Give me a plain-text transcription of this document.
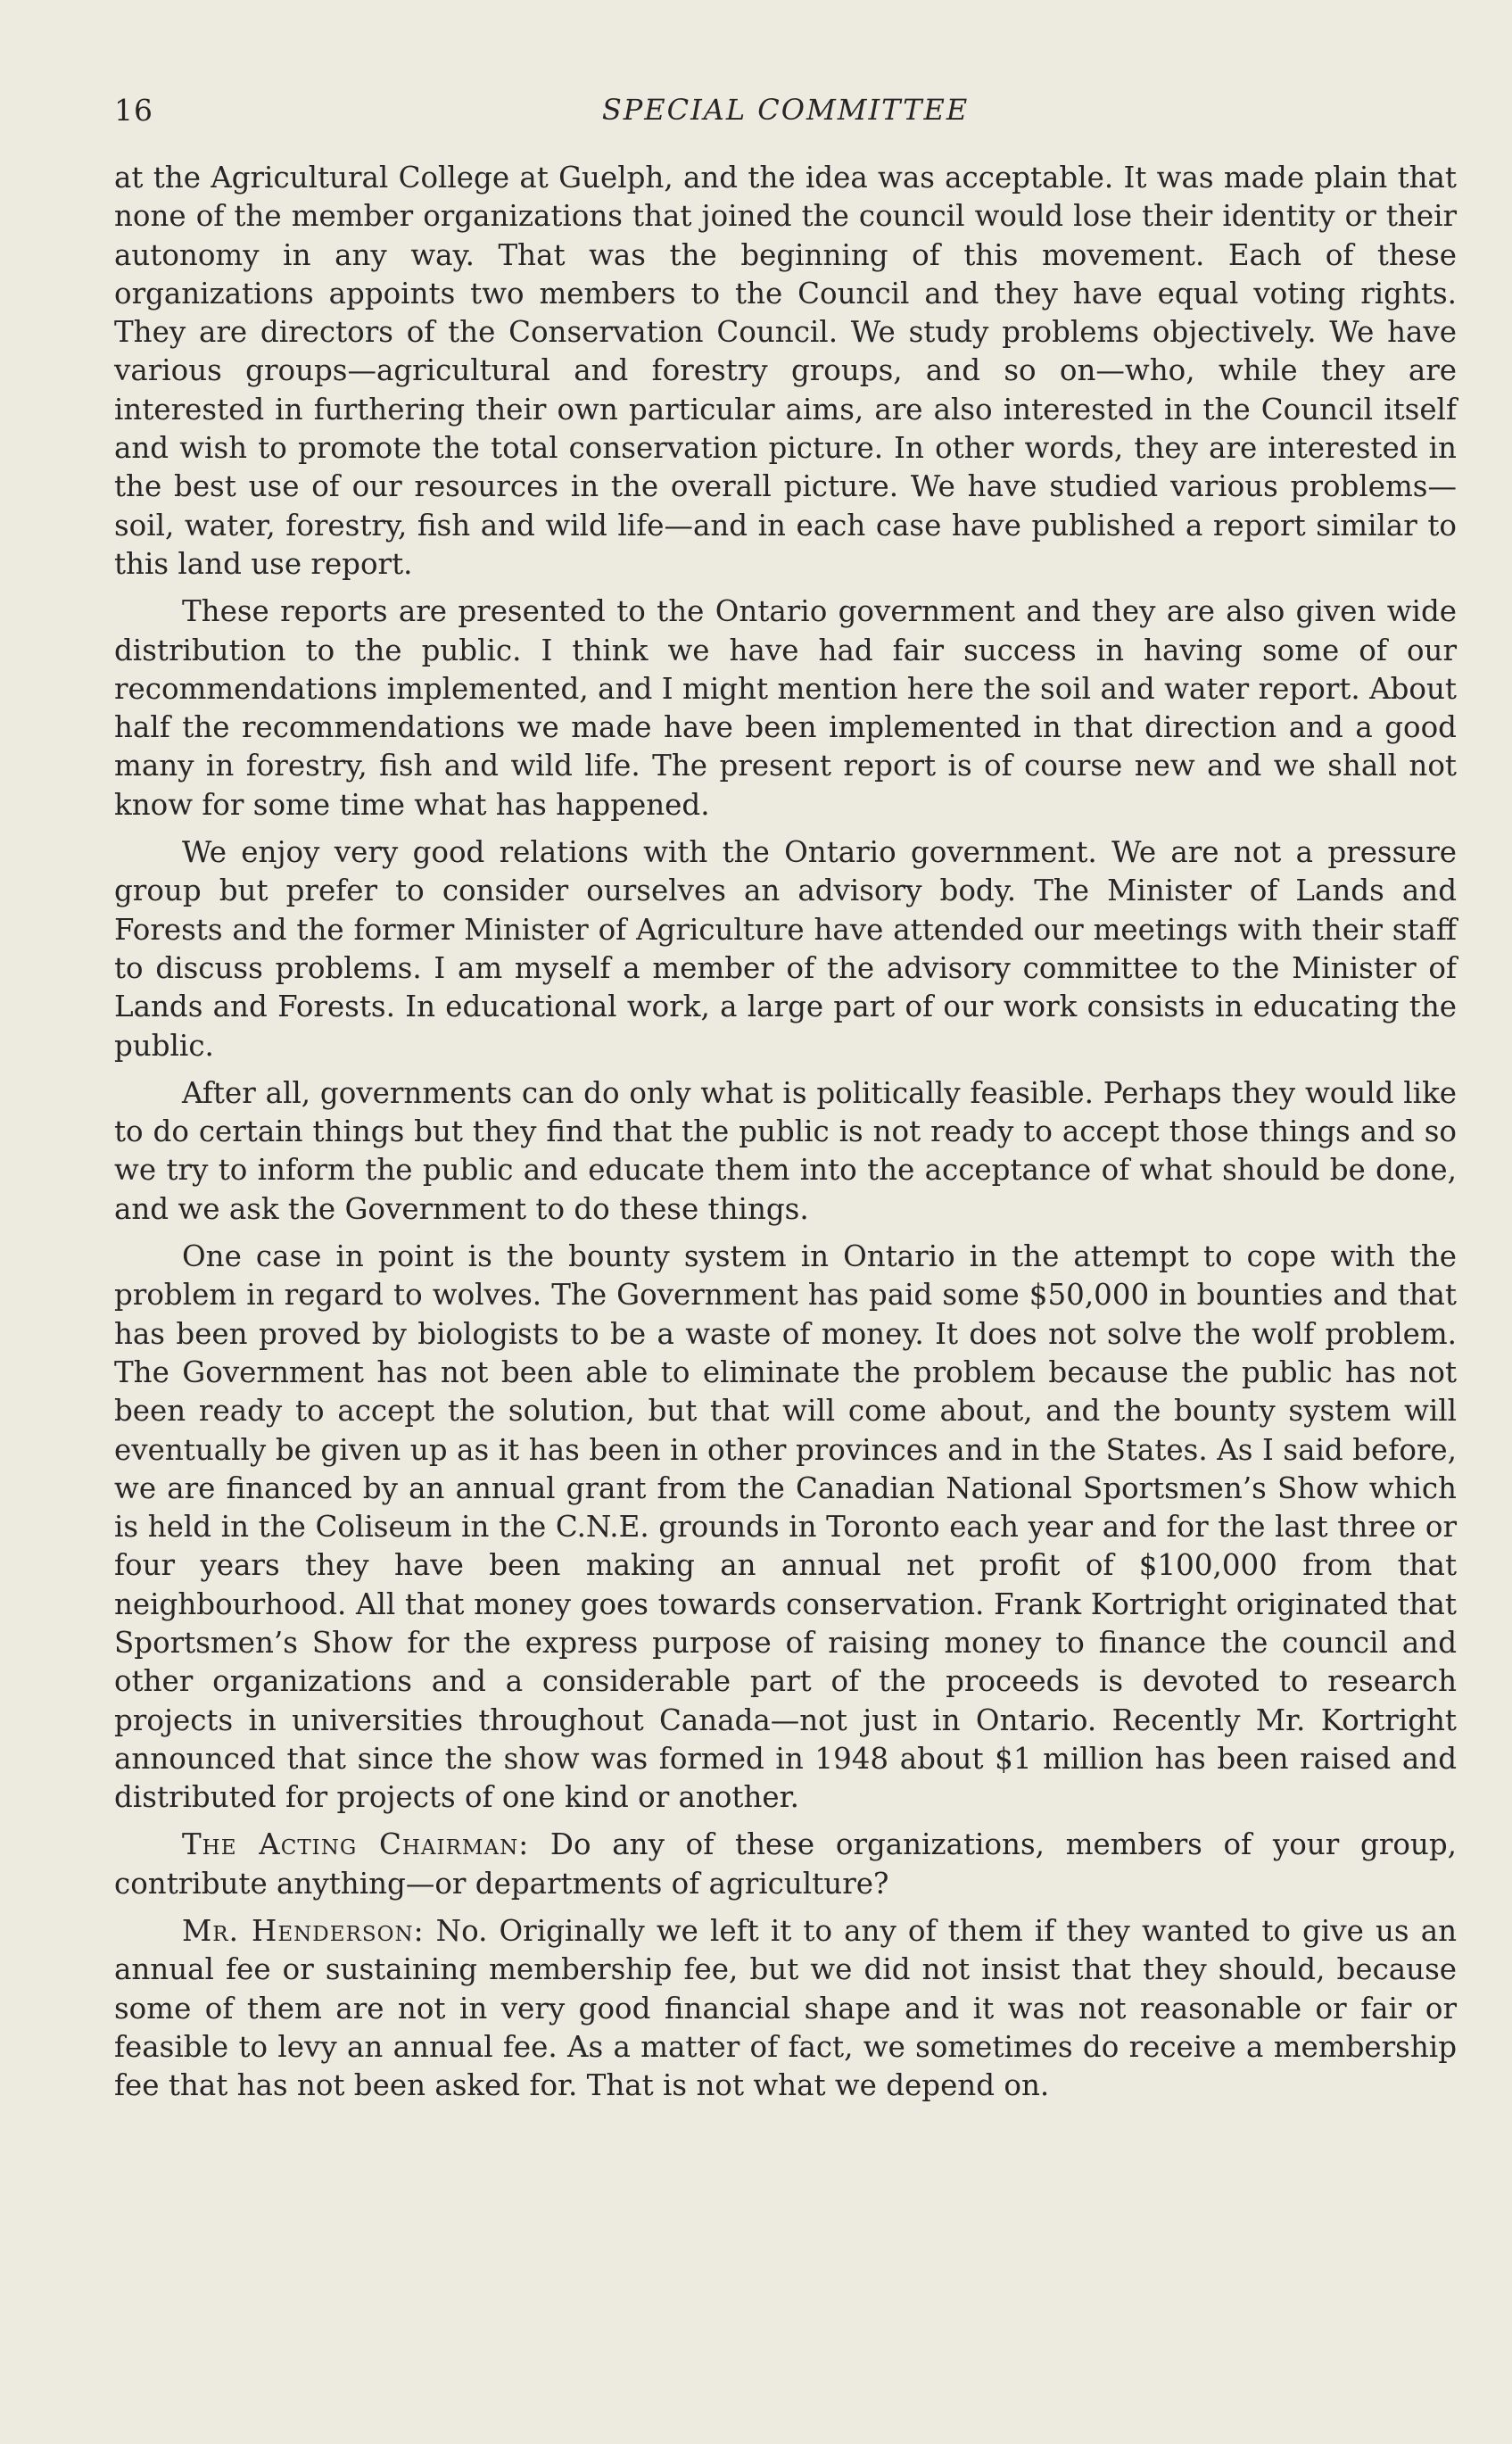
16	SPECIAL COMMITTEE

at the Agricultural College at Guelph, and the idea was acceptable. It was made plain that none of the member organizations that joined the council would lose their identity or their autonomy in any way. That was the beginning of this movement. Each of these organizations appoints two members to the Council and they have equal voting rights. They are directors of the Conservation Council. We study problems objectively. We have various groups—agricultural and forestry groups, and so on—who, while they are interested in furthering their own particular aims, are also interested in the Council itself and wish to promote the total conservation picture. In other words, they are interested in the best use of our resources in the overall picture. We have studied various problems—soil, water, forestry, fish and wild life—and in each case have published a report similar to this land use report.

These reports are presented to the Ontario government and they are also given wide distribution to the public. I think we have had fair success in having some of our recommendations implemented, and I might mention here the soil and water report. About half the recommendations we made have been implemented in that direction and a good many in forestry, fish and wild life. The present report is of course new and we shall not know for some time what has happened.

We enjoy very good relations with the Ontario government. We are not a pressure group but prefer to consider ourselves an advisory body. The Minister of Lands and Forests and the former Minister of Agriculture have attended our meetings with their staff to discuss problems. I am myself a member of the advisory committee to the Minister of Lands and Forests. In educational work, a large part of our work consists in educating the public.

After all, governments can do only what is politically feasible. Perhaps they would like to do certain things but they find that the public is not ready to accept those things and so we try to inform the public and educate them into the acceptance of what should be done, and we ask the Government to do these things.

One case in point is the bounty system in Ontario in the attempt to cope with the problem in regard to wolves. The Government has paid some $50,000 in bounties and that has been proved by biologists to be a waste of money. It does not solve the wolf problem. The Government has not been able to eliminate the problem because the public has not been ready to accept the solution, but that will come about, and the bounty system will eventually be given up as it has been in other provinces and in the States. As I said before, we are financed by an annual grant from the Canadian National Sportsmen’s Show which is held in the Coliseum in the C.N.E. grounds in Toronto each year and for the last three or four years they have been making an annual net profit of $100,000 from that neighbourhood. All that money goes towards conservation. Frank Kortright originated that Sportsmen’s Show for the express purpose of raising money to finance the council and other organizations and a considerable part of the proceeds is devoted to research projects in universities throughout Canada—not just in Ontario. Recently Mr. Kortright announced that since the show was formed in 1948 about $1 million has been raised and distributed for projects of one kind or another.

The Acting Chairman: Do any of these organizations, members of your group, contribute anything—or departments of agriculture?

Mr. Henderson: No. Originally we left it to any of them if they wanted to give us an annual fee or sustaining membership fee, but we did not insist that they should, because some of them are not in very good financial shape and it was not reasonable or fair or feasible to levy an annual fee. As a matter of fact, we sometimes do receive a membership fee that has not been asked for. That is not what we depend on.
